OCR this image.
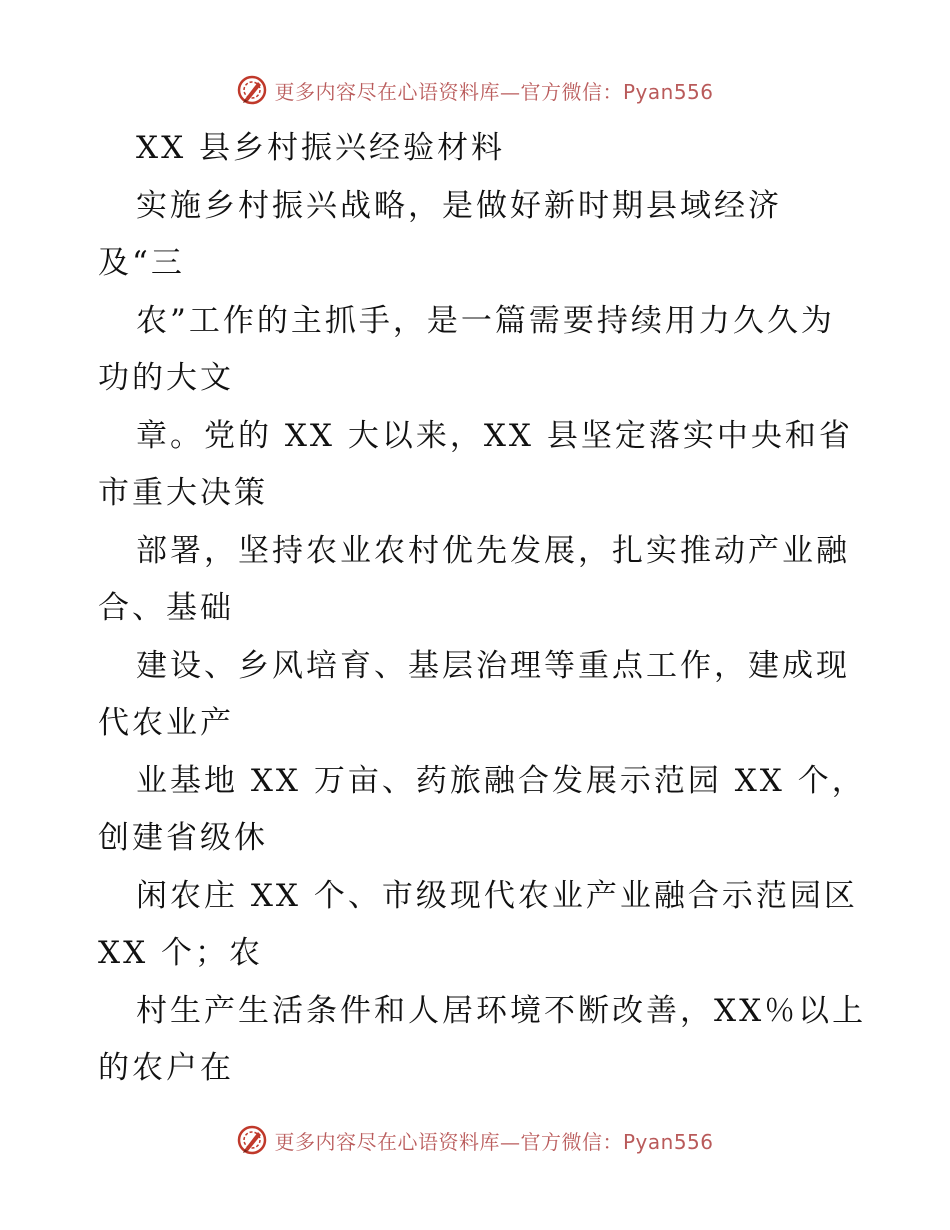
更多内容尽在心语资料库—官方微信：Pyan556
XX 县乡村振兴经验材料
实施乡村振兴战略，是做好新时期县域经济
及“三
农”工作的主抓手，是一篇需要持续用力久久为
功的大文
章。党的 XX 大以来，XX 县坚定落实中央和省
市重大决策
部署，坚持农业农村优先发展，扎实推动产业融
合、基础
建设、乡风培育、基层治理等重点工作，建成现
代农业产
业基地 XX 万亩、药旅融合发展示范园 XX 个，
创建省级休
闲农庄 XX 个、市级现代农业产业融合示范园区
XX 个；农
村生产生活条件和人居环境不断改善，XX％以上
的农户在
更多内容尽在心语资料库—官方微信：Pyan556
